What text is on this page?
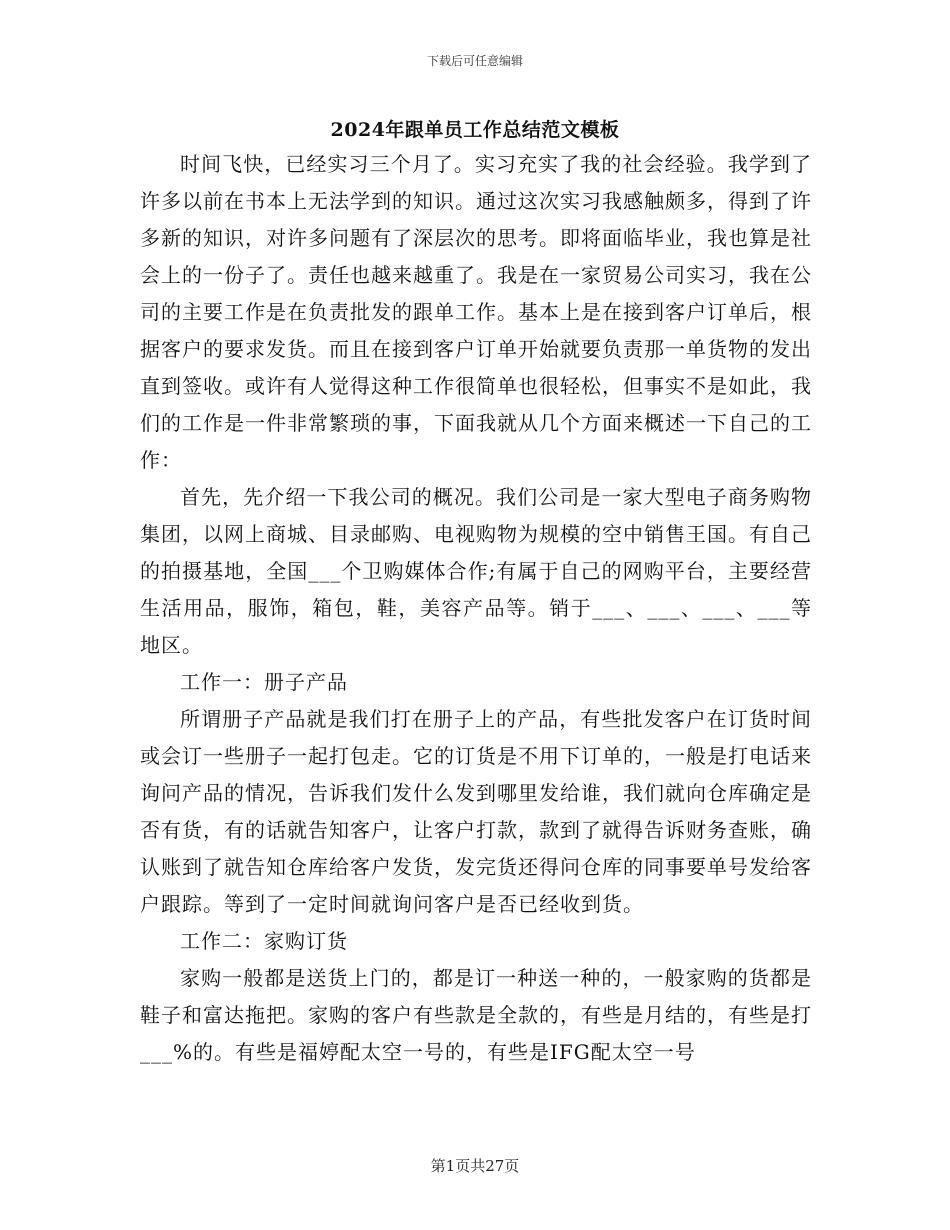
下载后可任意编辑
2024年跟单员工作总结范文模板

时间飞快，已经实习三个月了。实习充实了我的社会经验。我学到了许多以前在书本上无法学到的知识。通过这次实习我感触颇多，得到了许多新的知识，对许多问题有了深层次的思考。即将面临毕业，我也算是社会上的一份子了。责任也越来越重了。我是在一家贸易公司实习，我在公司的主要工作是在负责批发的跟单工作。基本上是在接到客户订单后，根据客户的要求发货。而且在接到客户订单开始就要负责那一单货物的发出直到签收。或许有人觉得这种工作很简单也很轻松，但事实不是如此，我们的工作是一件非常繁琐的事，下面我就从几个方面来概述一下自己的工作：

首先，先介绍一下我公司的概况。我们公司是一家大型电子商务购物集团，以网上商城、目录邮购、电视购物为规模的空中销售王国。有自己的拍摄基地，全国___个卫购媒体合作;有属于自己的网购平台，主要经营生活用品，服饰，箱包，鞋，美容产品等。销于___、___、___、___等地区。

工作一：册子产品

所谓册子产品就是我们打在册子上的产品，有些批发客户在订货时间或会订一些册子一起打包走。它的订货是不用下订单的，一般是打电话来询问产品的情况，告诉我们发什么发到哪里发给谁，我们就向仓库确定是否有货，有的话就告知客户，让客户打款，款到了就得告诉财务查账，确认账到了就告知仓库给客户发货，发完货还得问仓库的同事要单号发给客户跟踪。等到了一定时间就询问客户是否已经收到货。

工作二：家购订货

家购一般都是送货上门的，都是订一种送一种的，一般家购的货都是鞋子和富达拖把。家购的客户有些款是全款的，有些是月结的，有些是打___%的。有些是福婷配太空一号的，有些是IFG配太空一号

第1页共27页
